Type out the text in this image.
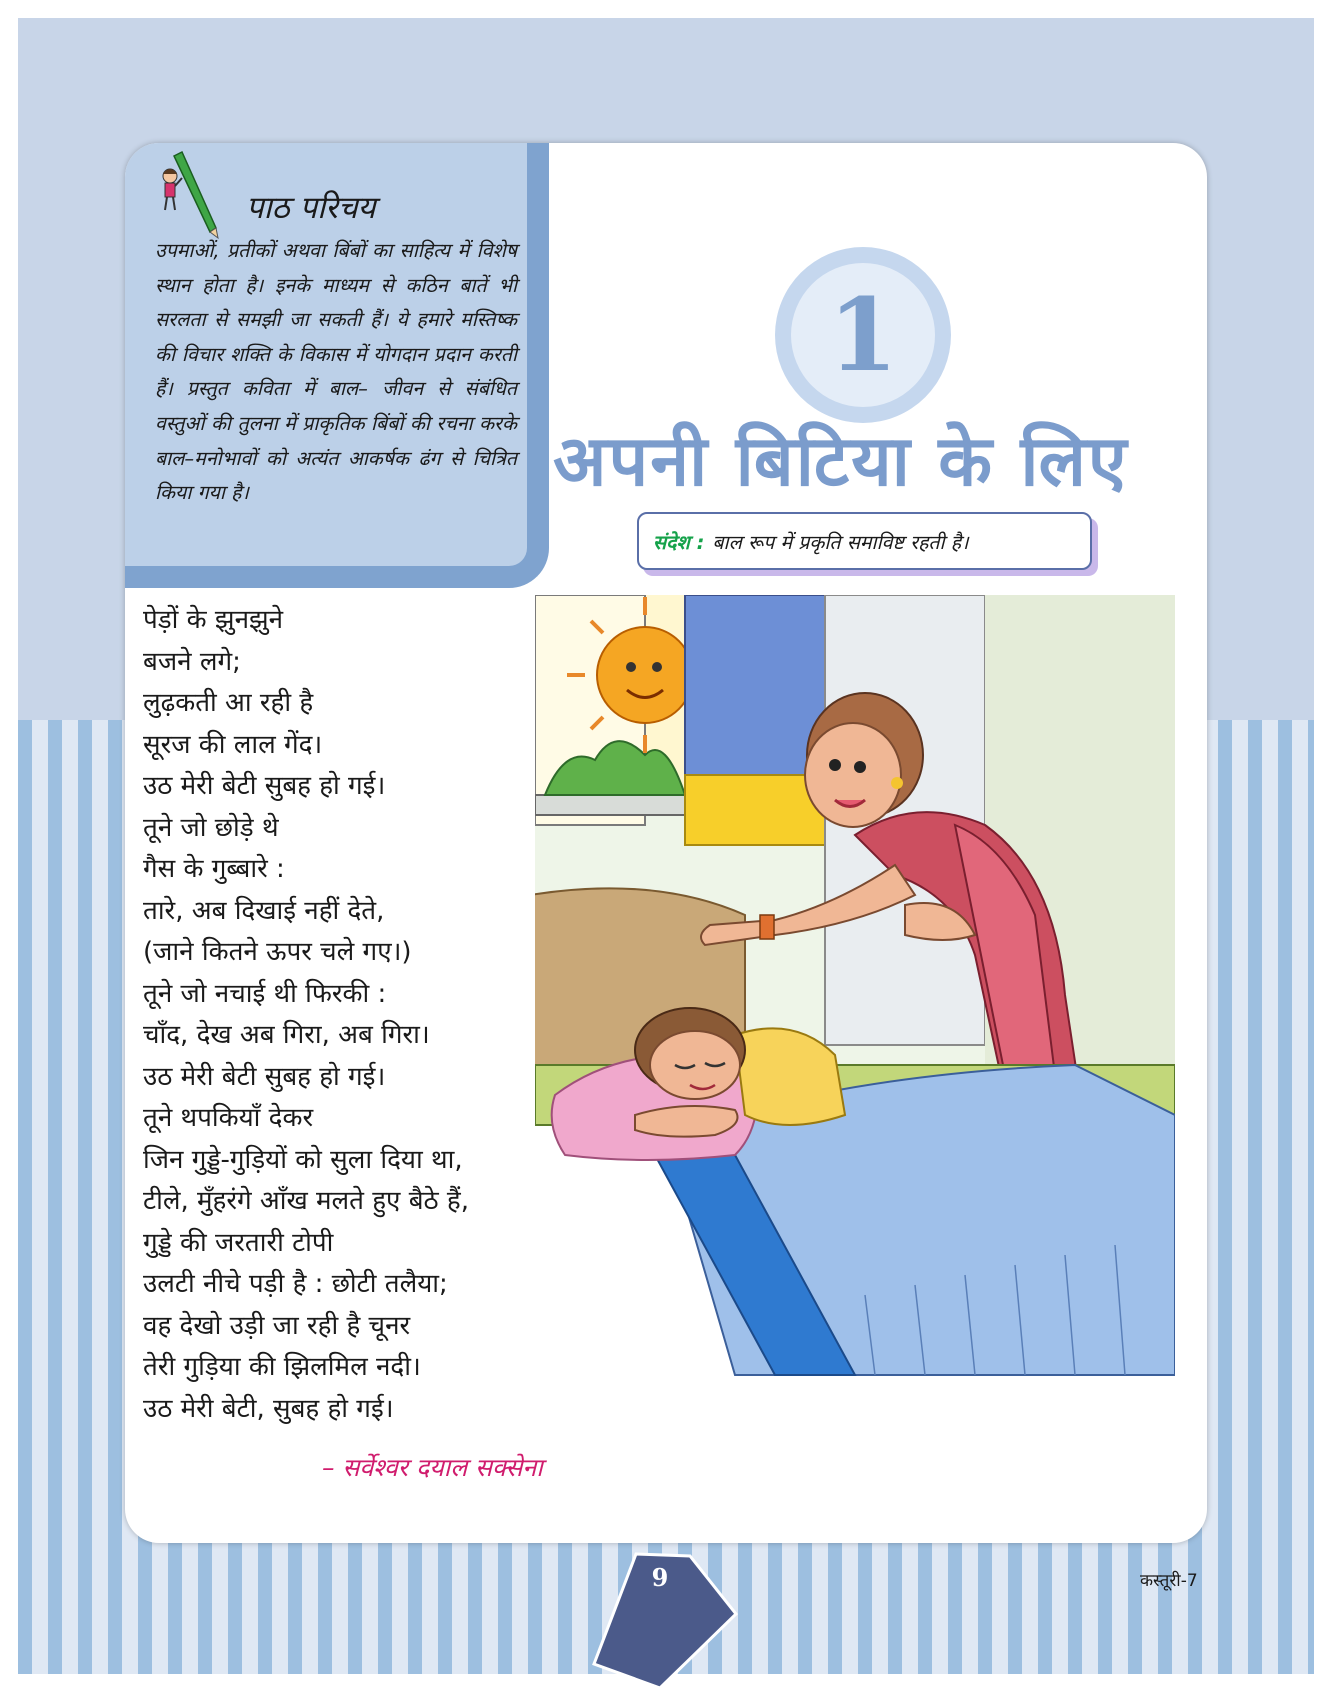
पाठ परिचय
उपमाओं, प्रतीकों अथवा बिंबों का साहित्य में विशेष स्थान होता है। इनके माध्यम से कठिन बातें भी सरलता से समझी जा सकती हैं। ये हमारे मस्तिष्क की विचार शक्ति के विकास में योगदान प्रदान करती हैं। प्रस्तुत कविता में बाल– जीवन से संबंधित वस्तुओं की तुलना में प्राकृतिक बिंबों की रचना करके बाल–मनोभावों को अत्यंत आकर्षक ढंग से चित्रित किया गया है।
1
अपनी बिटिया के लिए
संदेश : बाल रूप में प्रकृति समाविष्ट रहती है।
पेड़ों के झुनझुने
बजने लगे;
लुढ़कती आ रही है
सूरज की लाल गेंद।
उठ मेरी बेटी सुबह हो गई।
तूने जो छोड़े थे
गैस के गुब्बारे :
तारे, अब दिखाई नहीं देते,
(जाने कितने ऊपर चले गए।)
तूने जो नचाई थी फिरकी :
चाँद, देख अब गिरा, अब गिरा।
उठ मेरी बेटी सुबह हो गई।
तूने थपकियाँ देकर
जिन गुड्डे-गुड़ियों को सुला दिया था,
टीले, मुँहरंगे आँख मलते हुए बैठे हैं,
गुड्डे की जरतारी टोपी
उलटी नीचे पड़ी है : छोटी तलैया;
वह देखो उड़ी जा रही है चूनर
तेरी गुड़िया की झिलमिल नदी।
उठ मेरी बेटी, सुबह हो गई।
– सर्वेश्वर दयाल सक्सेना
9	कस्तूरी-7
